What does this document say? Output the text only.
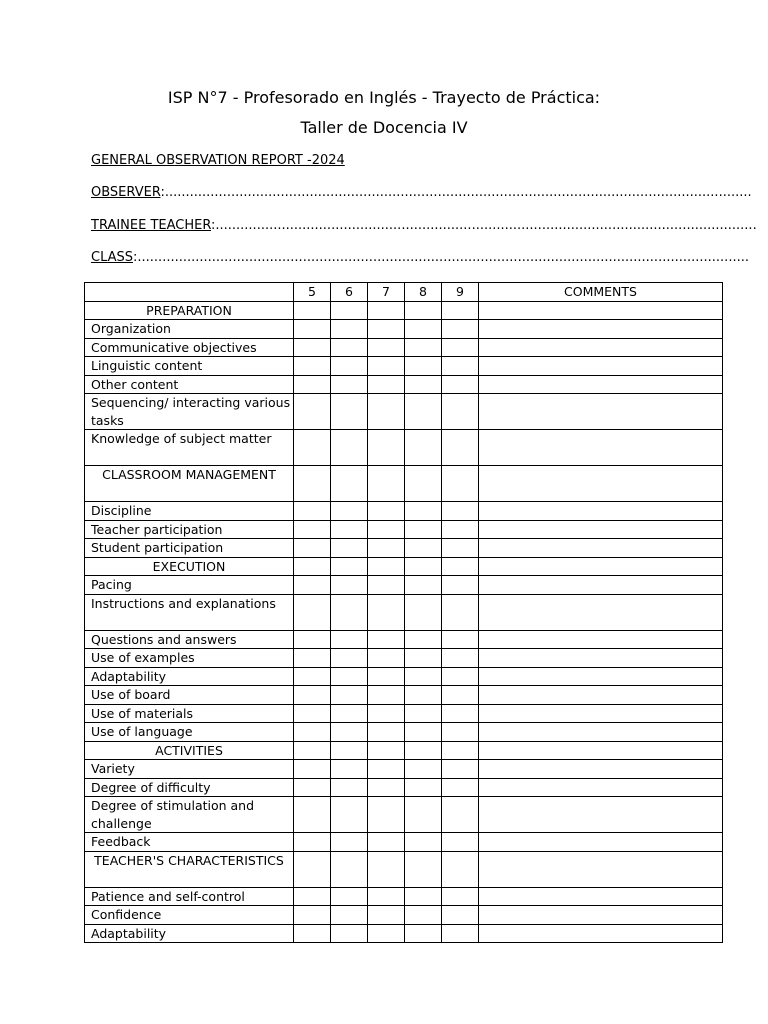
ISP N°7 - Profesorado en Inglés - Trayecto de Práctica:
Taller de Docencia IV
GENERAL OBSERVATION REPORT -2024
OBSERVER:..............................................................................................................................................
TRAINEE TEACHER:...................................................................................................................................
CLASS:....................................................................................................................................................
	5	6	7	8	9	COMMENTS
PREPARATION						
Organization						
Communicative objectives						
Linguistic content						
Other content						
Sequencing/ interacting various tasks						
Knowledge of subject matter						
CLASSROOM MANAGEMENT						
Discipline						
Teacher participation						
Student participation						
EXECUTION						
Pacing						
Instructions and explanations						
Questions and answers						
Use of examples						
Adaptability						
Use of board						
Use of materials						
Use of language						
ACTIVITIES						
Variety						
Degree of difficulty						
Degree of stimulation and challenge						
Feedback						
TEACHER'S CHARACTERISTICS						
Patience and self-control						
Confidence						
Adaptability						
